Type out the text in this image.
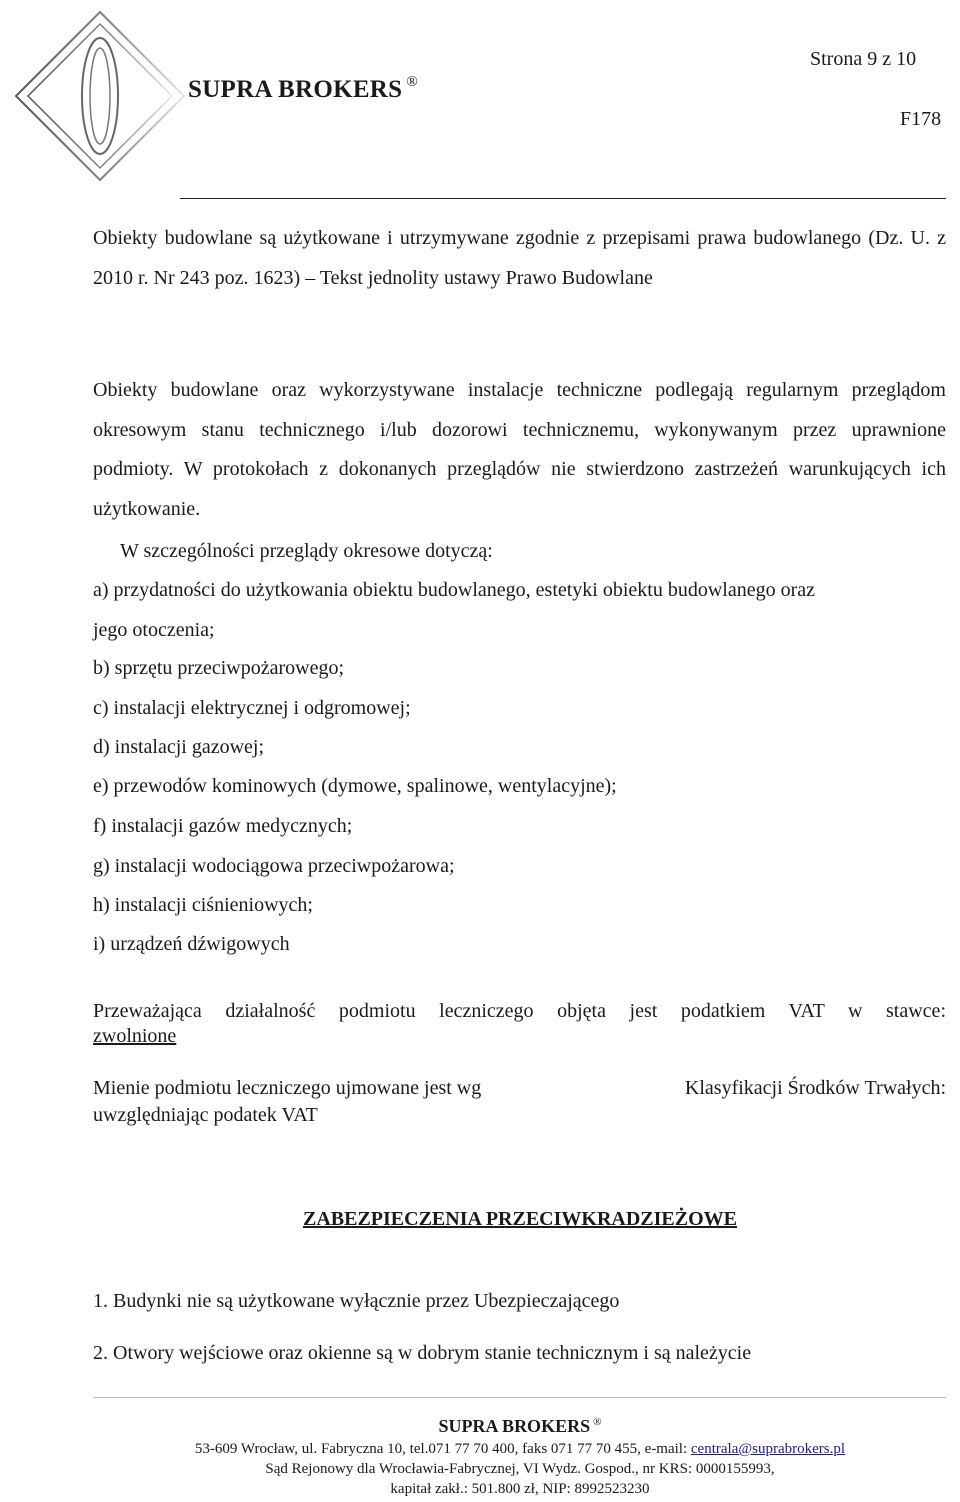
SUPRA BROKERS ®
Strona 9 z 10
F178
Obiekty budowlane są użytkowane i utrzymywane zgodnie z przepisami prawa budowlanego (Dz. U. z 2010 r. Nr 243 poz. 1623) – Tekst jednolity ustawy Prawo Budowlane
Obiekty budowlane oraz wykorzystywane instalacje techniczne podlegają regularnym przeglądom okresowym stanu technicznego i/lub dozorowi technicznemu, wykonywanym przez uprawnione podmioty. W protokołach z dokonanych przeglądów nie stwierdzono zastrzeżeń warunkujących ich użytkowanie.
W szczególności przeglądy okresowe dotyczą:
a) przydatności do użytkowania obiektu budowlanego, estetyki obiektu budowlanego oraz
jego otoczenia;
b) sprzętu przeciwpożarowego;
c) instalacji elektrycznej i odgromowej;
d) instalacji gazowej;
e) przewodów kominowych (dymowe, spalinowe, wentylacyjne);
f) instalacji gazów medycznych;
g) instalacji wodociągowa przeciwpożarowa;
h) instalacji ciśnieniowych;
i) urządzeń dźwigowych
Przeważająca działalność podmiotu leczniczego objęta jest podatkiem VAT w stawce:
zwolnione
Mienie podmiotu leczniczego ujmowane jest wg	Klasyfikacji Środków Trwałych:
uwzględniając podatek VAT
ZABEZPIECZENIA PRZECIWKRADZIEŻOWE
1. Budynki nie są użytkowane wyłącznie przez Ubezpieczającego
2. Otwory wejściowe oraz okienne są w dobrym stanie technicznym i są należycie
SUPRA BROKERS ®
53-609 Wrocław, ul. Fabryczna 10, tel.071 77 70 400, faks 071 77 70 455, e-mail: centrala@suprabrokers.pl
Sąd Rejonowy dla Wrocławia-Fabrycznej, VI Wydz. Gospod., nr KRS: 0000155993,
kapitał zakł.: 501.800 zł, NIP: 8992523230
